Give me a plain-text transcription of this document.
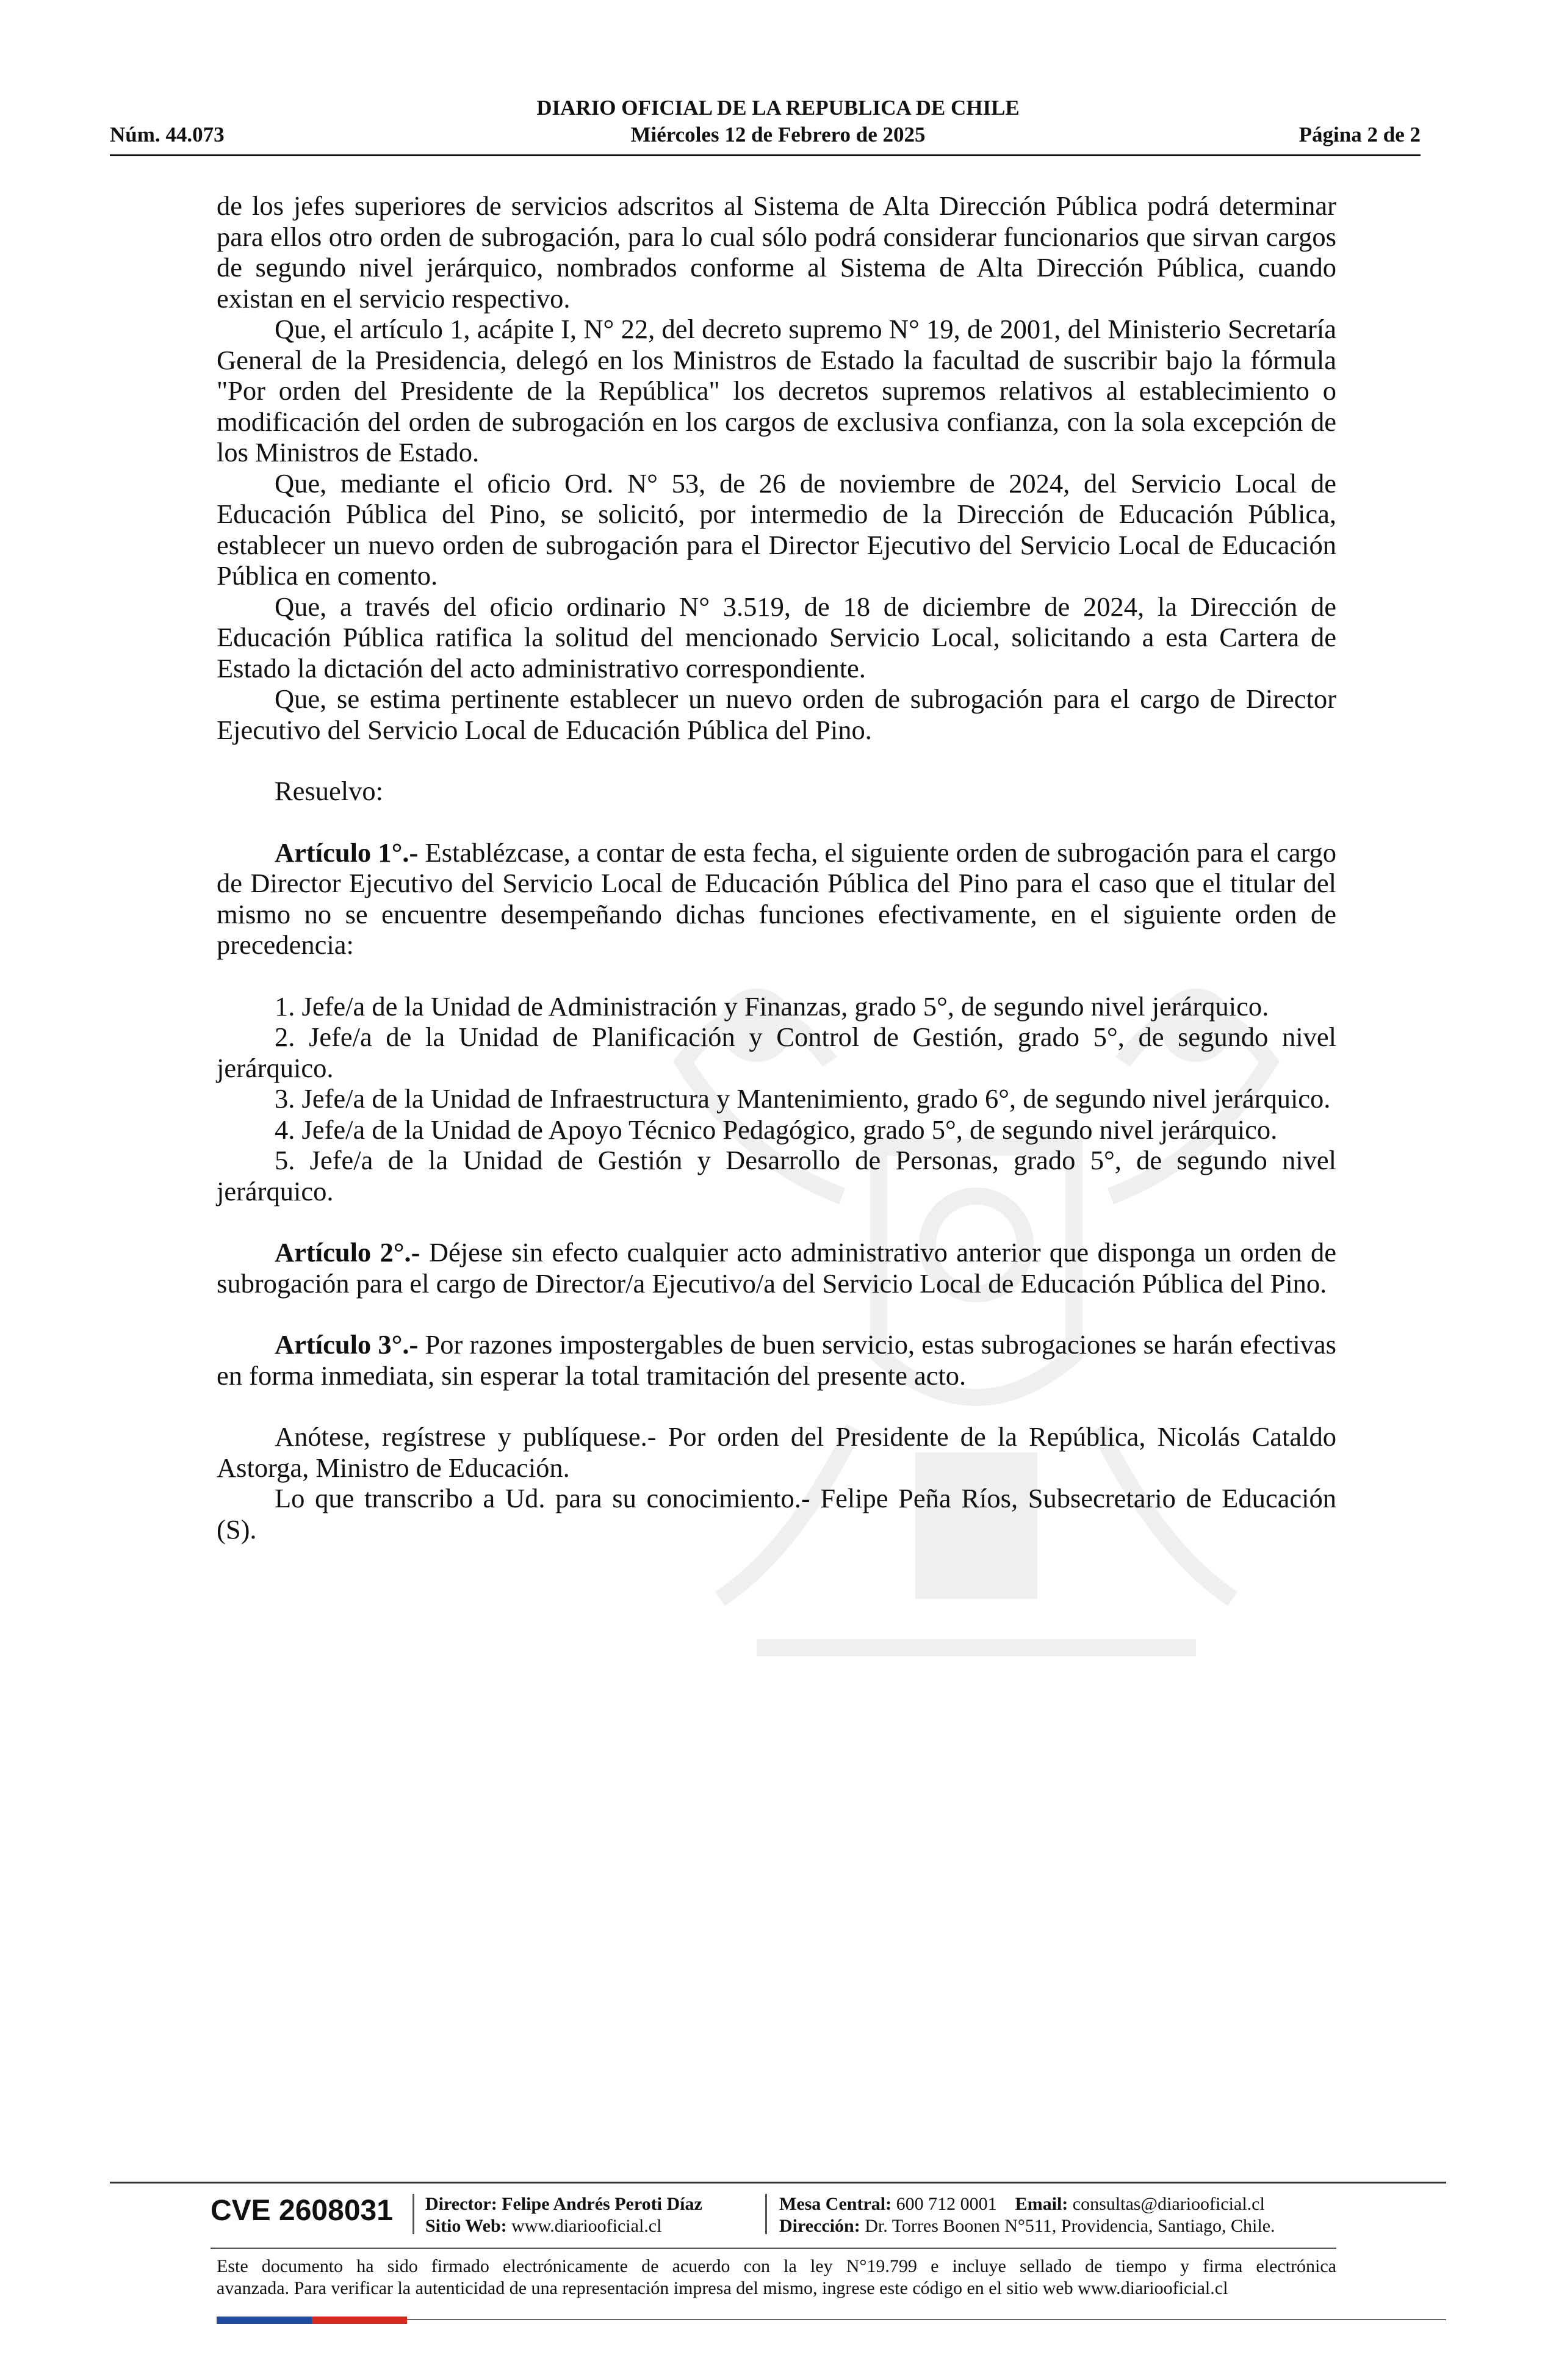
DIARIO OFICIAL DE LA REPUBLICA DE CHILE
Núm. 44.073	Miércoles 12 de Febrero de 2025	Página 2 de 2

de los jefes superiores de servicios adscritos al Sistema de Alta Dirección Pública podrá determinar para ellos otro orden de subrogación, para lo cual sólo podrá considerar funcionarios que sirvan cargos de segundo nivel jerárquico, nombrados conforme al Sistema de Alta Dirección Pública, cuando existan en el servicio respectivo.

Que, el artículo 1, acápite I, N° 22, del decreto supremo N° 19, de 2001, del Ministerio Secretaría General de la Presidencia, delegó en los Ministros de Estado la facultad de suscribir bajo la fórmula "Por orden del Presidente de la República" los decretos supremos relativos al establecimiento o modificación del orden de subrogación en los cargos de exclusiva confianza, con la sola excepción de los Ministros de Estado.

Que, mediante el oficio Ord. N° 53, de 26 de noviembre de 2024, del Servicio Local de Educación Pública del Pino, se solicitó, por intermedio de la Dirección de Educación Pública, establecer un nuevo orden de subrogación para el Director Ejecutivo del Servicio Local de Educación Pública en comento.

Que, a través del oficio ordinario N° 3.519, de 18 de diciembre de 2024, la Dirección de Educación Pública ratifica la solitud del mencionado Servicio Local, solicitando a esta Cartera de Estado la dictación del acto administrativo correspondiente.

Que, se estima pertinente establecer un nuevo orden de subrogación para el cargo de Director Ejecutivo del Servicio Local de Educación Pública del Pino.

Resuelvo:

Artículo 1°.- Establézcase, a contar de esta fecha, el siguiente orden de subrogación para el cargo de Director Ejecutivo del Servicio Local de Educación Pública del Pino para el caso que el titular del mismo no se encuentre desempeñando dichas funciones efectivamente, en el siguiente orden de precedencia:

1. Jefe/a de la Unidad de Administración y Finanzas, grado 5°, de segundo nivel jerárquico.

2. Jefe/a de la Unidad de Planificación y Control de Gestión, grado 5°, de segundo nivel jerárquico.

3. Jefe/a de la Unidad de Infraestructura y Mantenimiento, grado 6°, de segundo nivel jerárquico.

4. Jefe/a de la Unidad de Apoyo Técnico Pedagógico, grado 5°, de segundo nivel jerárquico.

5. Jefe/a de la Unidad de Gestión y Desarrollo de Personas, grado 5°, de segundo nivel jerárquico.

Artículo 2°.- Déjese sin efecto cualquier acto administrativo anterior que disponga un orden de subrogación para el cargo de Director/a Ejecutivo/a del Servicio Local de Educación Pública del Pino.

Artículo 3°.- Por razones impostergables de buen servicio, estas subrogaciones se harán efectivas en forma inmediata, sin esperar la total tramitación del presente acto.

Anótese, regístrese y publíquese.- Por orden del Presidente de la República, Nicolás Cataldo Astorga, Ministro de Educación.

Lo que transcribo a Ud. para su conocimiento.- Felipe Peña Ríos, Subsecretario de Educación (S).

CVE 2608031 Director: Felipe Andrés Peroti Díaz
Sitio Web: www.diariooficial.cl
Mesa Central: 600 712 0001 Email: consultas@diariooficial.cl
Dirección: Dr. Torres Boonen N°511, Providencia, Santiago, Chile.
Este documento ha sido firmado electrónicamente de acuerdo con la ley N°19.799 e incluye sellado de tiempo y firma electrónica
avanzada. Para verificar la autenticidad de una representación impresa del mismo, ingrese este código en el sitio web www.diariooficial.cl
